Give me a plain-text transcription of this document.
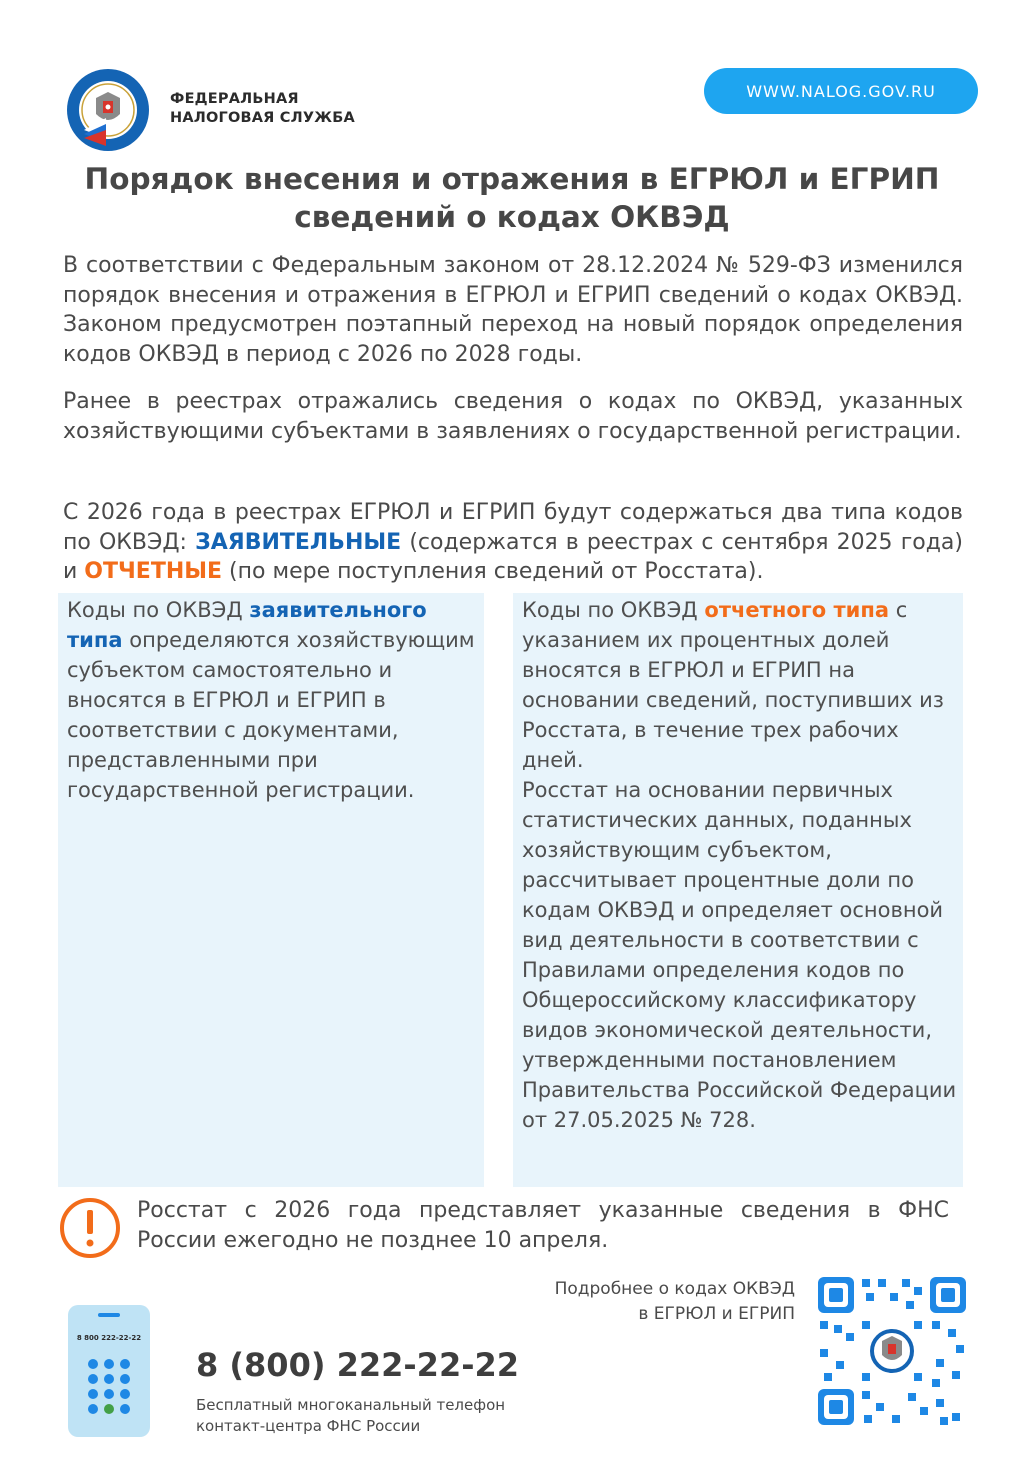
ФЕДЕРАЛЬНАЯ
НАЛОГОВАЯ СЛУЖБА
WWW.NALOG.GOV.RU
Порядок внесения и отражения в ЕГРЮЛ и ЕГРИП сведений о кодах ОКВЭД
В соответствии с Федеральным законом от 28.12.2024 № 529-ФЗ изменился порядок внесения и отражения в ЕГРЮЛ и ЕГРИП сведений о кодах ОКВЭД. Законом предусмотрен поэтапный переход на новый порядок определения кодов ОКВЭД в период с 2026 по 2028 годы.
Ранее в реестрах отражались сведения о кодах по ОКВЭД, указанных хозяйствующими субъектами в заявлениях о государственной регистрации.
С 2026 года в реестрах ЕГРЮЛ и ЕГРИП будут содержаться два типа кодов по ОКВЭД: ЗАЯВИТЕЛЬНЫЕ (содержатся в реестрах с сентября 2025 года) и ОТЧЕТНЫЕ (по мере поступления сведений от Росстата).
Коды по ОКВЭД заявительного типа определяются хозяйствующим субъектом самостоятельно и вносятся в ЕГРЮЛ и ЕГРИП в соответствии с документами, представленными при государственной регистрации.
Коды по ОКВЭД отчетного типа с указанием их процентных долей вносятся в ЕГРЮЛ и ЕГРИП на основании сведений, поступивших из Росстата, в течение трех рабочих дней.
Росстат на основании первичных статистических данных, поданных хозяйствующим субъектом, рассчитывает процентные доли по кодам ОКВЭД и определяет основной вид деятельности в соответствии с Правилами определения кодов по Общероссийскому классификатору видов экономической деятельности, утвержденными постановлением Правительства Российской Федерации от 27.05.2025 № 728.
Росстат с 2026 года представляет указанные сведения в ФНС России ежегодно не позднее 10 апреля.
Подробнее о кодах ОКВЭД
в ЕГРЮЛ и ЕГРИП
8 800 222-22-22
8 (800) 222-22-22
Бесплатный многоканальный телефон
контакт-центра ФНС России
